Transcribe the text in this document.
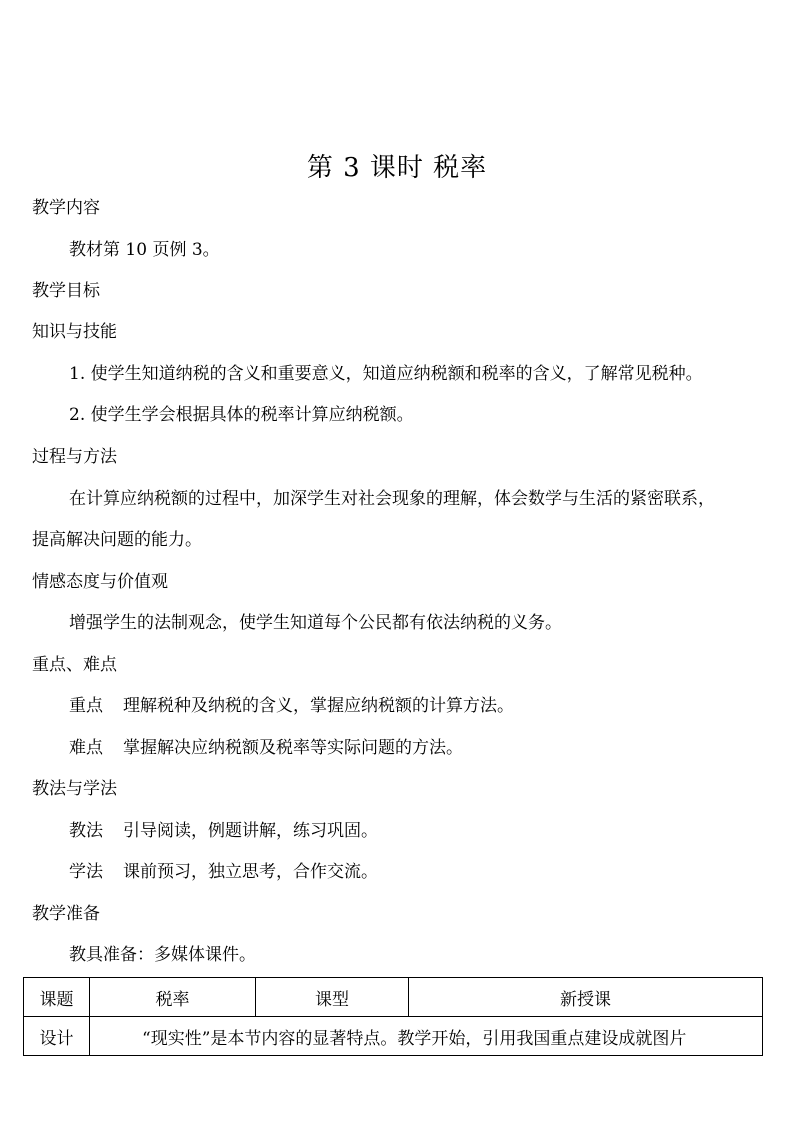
第 3 课时 税率
教学内容
教材第 10 页例 3。
教学目标
知识与技能
1. 使学生知道纳税的含义和重要意义，知道应纳税额和税率的含义，了解常见税种。
2. 使学生学会根据具体的税率计算应纳税额。
过程与方法
在计算应纳税额的过程中，加深学生对社会现象的理解，体会数学与生活的紧密联系，
提高解决问题的能力。
情感态度与价值观
增强学生的法制观念，使学生知道每个公民都有依法纳税的义务。
重点、难点
重点 理解税种及纳税的含义，掌握应纳税额的计算方法。
难点 掌握解决应纳税额及税率等实际问题的方法。
教法与学法
教法 引导阅读，例题讲解，练习巩固。
学法 课前预习，独立思考，合作交流。
教学准备
教具准备：多媒体课件。
课题	税率	课型	新授课
设计	“现实性”是本节内容的显著特点。教学开始，引用我国重点建设成就图片		
